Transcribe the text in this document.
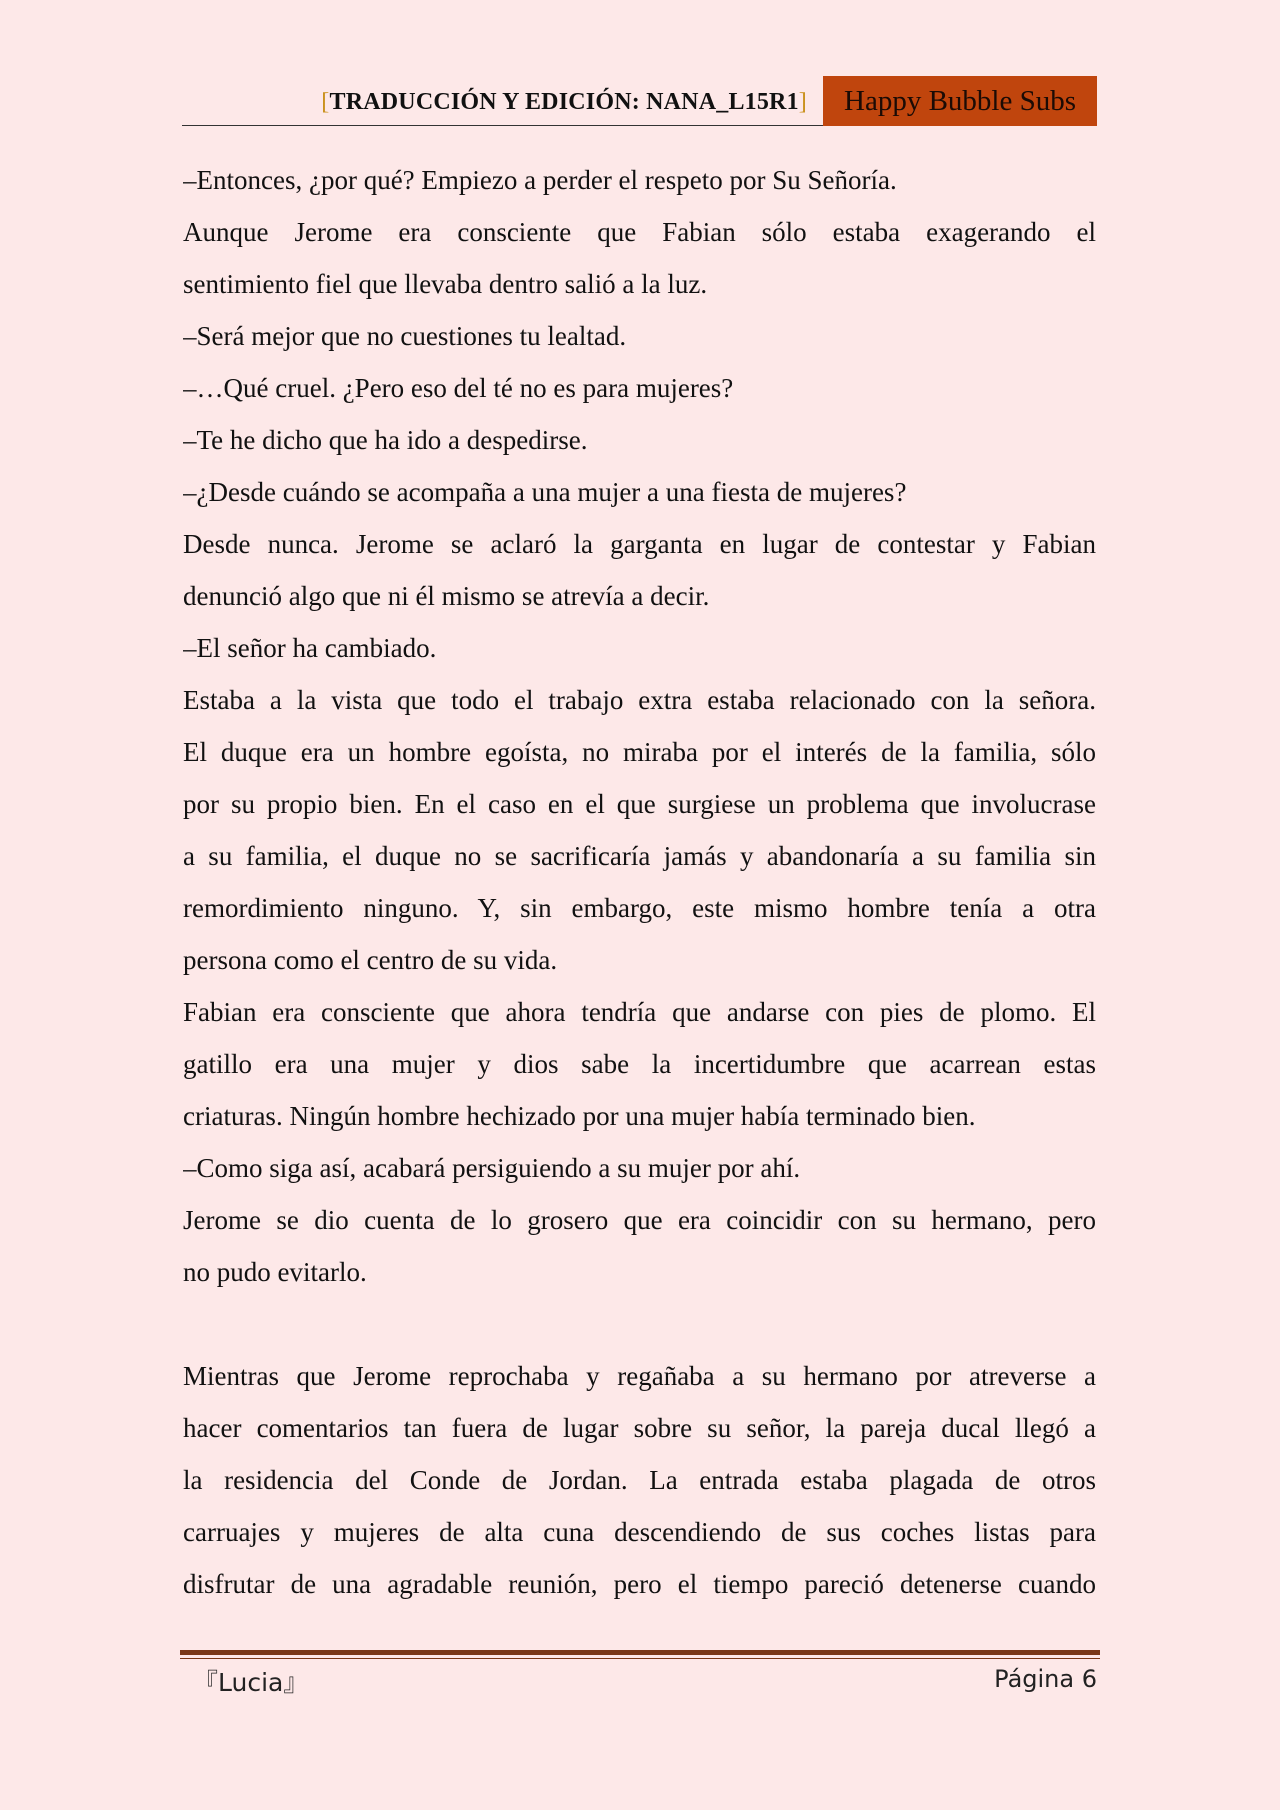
[TRADUCCIÓN Y EDICIÓN: NANA_L15R1]	Happy Bubble Subs
–Entonces, ¿por qué? Empiezo a perder el respeto por Su Señoría.
Aunque Jerome era consciente que Fabian sólo estaba exagerando el
sentimiento fiel que llevaba dentro salió a la luz.
–Será mejor que no cuestiones tu lealtad.
–…Qué cruel. ¿Pero eso del té no es para mujeres?
–Te he dicho que ha ido a despedirse.
–¿Desde cuándo se acompaña a una mujer a una fiesta de mujeres?
Desde nunca. Jerome se aclaró la garganta en lugar de contestar y Fabian
denunció algo que ni él mismo se atrevía a decir.
–El señor ha cambiado.
Estaba a la vista que todo el trabajo extra estaba relacionado con la señora.
El duque era un hombre egoísta, no miraba por el interés de la familia, sólo
por su propio bien. En el caso en el que surgiese un problema que involucrase
a su familia, el duque no se sacrificaría jamás y abandonaría a su familia sin
remordimiento ninguno. Y, sin embargo, este mismo hombre tenía a otra
persona como el centro de su vida.
Fabian era consciente que ahora tendría que andarse con pies de plomo. El
gatillo era una mujer y dios sabe la incertidumbre que acarrean estas
criaturas. Ningún hombre hechizado por una mujer había terminado bien.
–Como siga así, acabará persiguiendo a su mujer por ahí.
Jerome se dio cuenta de lo grosero que era coincidir con su hermano, pero
no pudo evitarlo.
Mientras que Jerome reprochaba y regañaba a su hermano por atreverse a
hacer comentarios tan fuera de lugar sobre su señor, la pareja ducal llegó a
la residencia del Conde de Jordan. La entrada estaba plagada de otros
carruajes y mujeres de alta cuna descendiendo de sus coches listas para
disfrutar de una agradable reunión, pero el tiempo pareció detenerse cuando
『Lucia』	Página 6
